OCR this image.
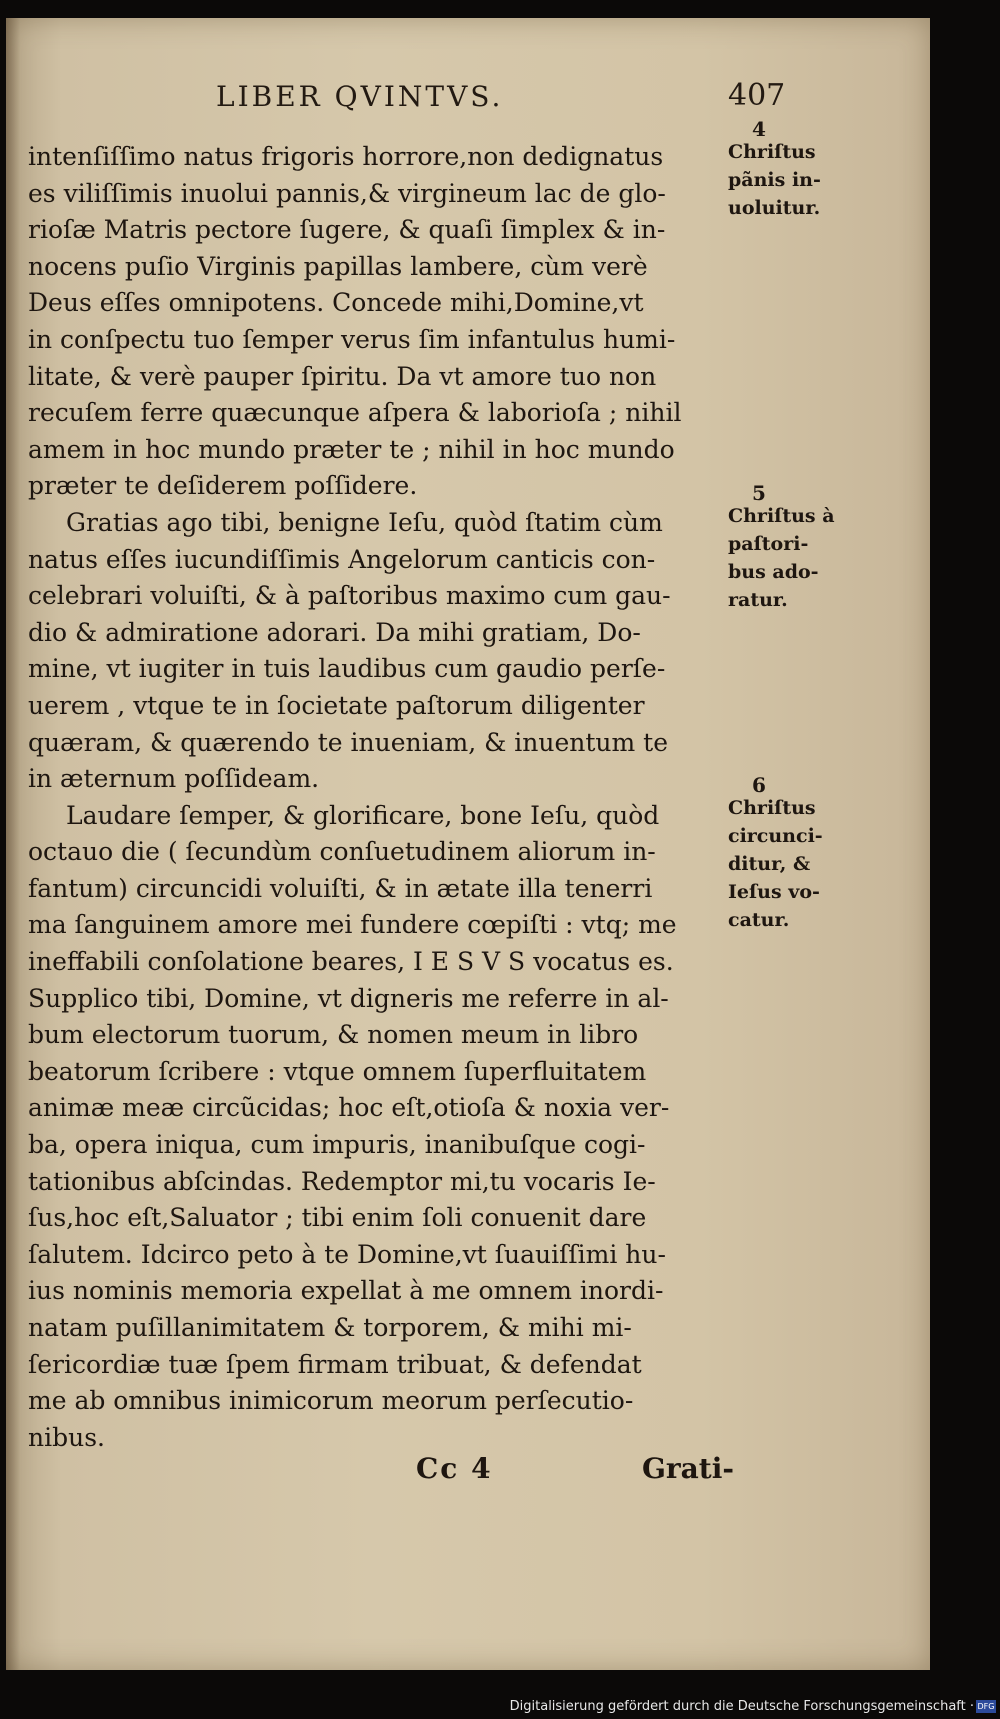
LIBER QVINTVS.	407
intenſiſſimo natus frigoris horrore,non dedignatus
es viliſſimis inuolui pannis,& virgineum lac de glo-
rioſæ Matris pectore ſugere, & quaſi ſimplex & in-
nocens puſio Virginis papillas lambere, cùm verè
Deus eſſes omnipotens. Concede mihi,Domine,vt
in conſpectu tuo ſemper verus ſim infantulus humi-
litate, & verè pauper ſpiritu. Da vt amore tuo non
recuſem ferre quæcunque aſpera & laborioſa ; nihil
amem in hoc mundo præter te ; nihil in hoc mundo
præter te deſiderem poſſidere.
Gratias ago tibi, benigne Ieſu, quòd ſtatim cùm
natus eſſes iucundiſſimis Angelorum canticis con-
celebrari voluiſti, & à paſtoribus maximo cum gau-
dio & admiratione adorari. Da mihi gratiam, Do-
mine, vt iugiter in tuis laudibus cum gaudio perſe-
uerem , vtque te in ſocietate paſtorum diligenter
quæram, & quærendo te inueniam, & inuentum te
in æternum poſſideam.
Laudare ſemper, & glorificare, bone Ieſu, quòd
octauo die ( ſecundùm conſuetudinem aliorum in-
fantum) circuncidi voluiſti, & in ætate illa tenerri
ma ſanguinem amore mei fundere cœpiſti : vtq; me
ineffabili conſolatione beares, I E S V S vocatus es.
Supplico tibi, Domine, vt digneris me referre in al-
bum electorum tuorum, & nomen meum in libro
beatorum ſcribere : vtque omnem ſuperfluitatem
animæ meæ circũcidas; hoc eſt,otioſa & noxia ver-
ba, opera iniqua, cum impuris, inanibuſque cogi-
tationibus abſcindas. Redemptor mi,tu vocaris Ie-
ſus,hoc eſt,Saluator ; tibi enim ſoli conuenit dare
ſalutem. Idcirco peto à te Domine,vt ſuauiſſimi hu-
ius nominis memoria expellat à me omnem inordi-
natam puſillanimitatem & torporem, & mihi mi-
ſericordiæ tuæ ſpem firmam tribuat, & defendat
me ab omnibus inimicorum meorum perſecutio-
nibus.
4
Chriſtus
pãnis in-
uoluitur.
5
Chriſtus à
paſtori-
bus ado-
ratur.
6
Chriſtus
circunci-
ditur, &
Ieſus vo-
catur.
Cc 4	Grati-
Digitalisierung gefördert durch die Deutsche Forschungsgemeinschaft · DFG
